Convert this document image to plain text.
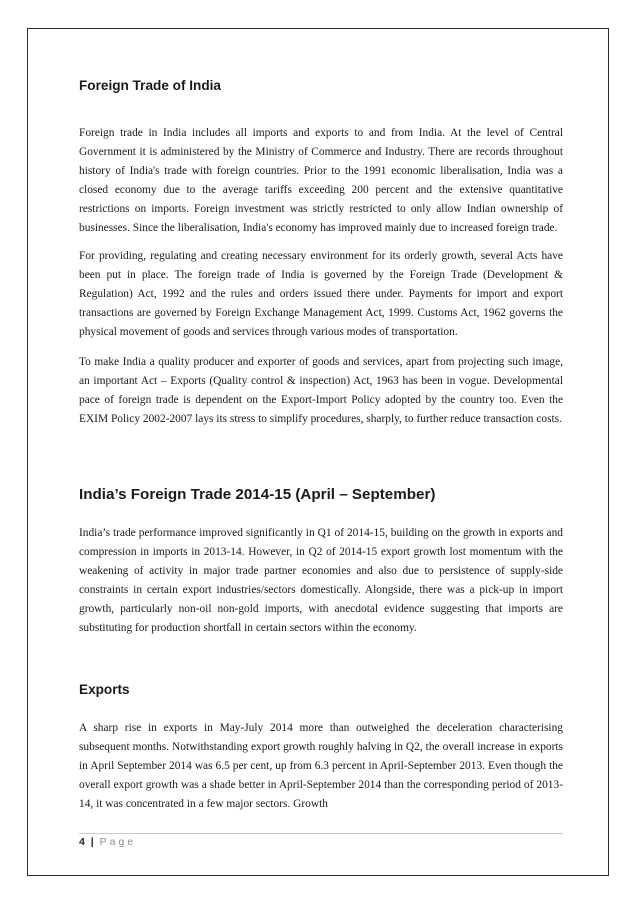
Foreign Trade of India

Foreign trade in India includes all imports and exports to and from India. At the level of Central Government it is administered by the Ministry of Commerce and Industry. There are records throughout history of India's trade with foreign countries. Prior to the 1991 economic liberalisation, India was a closed economy due to the average tariffs exceeding 200 percent and the extensive quantitative restrictions on imports. Foreign investment was strictly restricted to only allow Indian ownership of businesses. Since the liberalisation, India's economy has improved mainly due to increased foreign trade.

For providing, regulating and creating necessary environment for its orderly growth, several Acts have been put in place. The foreign trade of India is governed by the Foreign Trade (Development & Regulation) Act, 1992 and the rules and orders issued there under. Payments for import and export transactions are governed by Foreign Exchange Management Act, 1999. Customs Act, 1962 governs the physical movement of goods and services through various modes of transportation.

To make India a quality producer and exporter of goods and services, apart from projecting such image, an important Act – Exports (Quality control & inspection) Act, 1963 has been in vogue. Developmental pace of foreign trade is dependent on the Export-Import Policy adopted by the country too. Even the EXIM Policy 2002-2007 lays its stress to simplify procedures, sharply, to further reduce transaction costs.

India’s Foreign Trade 2014-15 (April – September)

India’s trade performance improved significantly in Q1 of 2014-15, building on the growth in exports and compression in imports in 2013-14. However, in Q2 of 2014-15 export growth lost momentum with the weakening of activity in major trade partner economies and also due to persistence of supply-side constraints in certain export industries/sectors domestically. Alongside, there was a pick-up in import growth, particularly non-oil non-gold imports, with anecdotal evidence suggesting that imports are substituting for production shortfall in certain sectors within the economy.

Exports

A sharp rise in exports in May-July 2014 more than outweighed the deceleration characterising subsequent months. Notwithstanding export growth roughly halving in Q2, the overall increase in exports in April September 2014 was 6.5 per cent, up from 6.3 percent in April-September 2013. Even though the overall export growth was a shade better in April-September 2014 than the corresponding period of 2013-14, it was concentrated in a few major sectors. Growth

4 | Page
